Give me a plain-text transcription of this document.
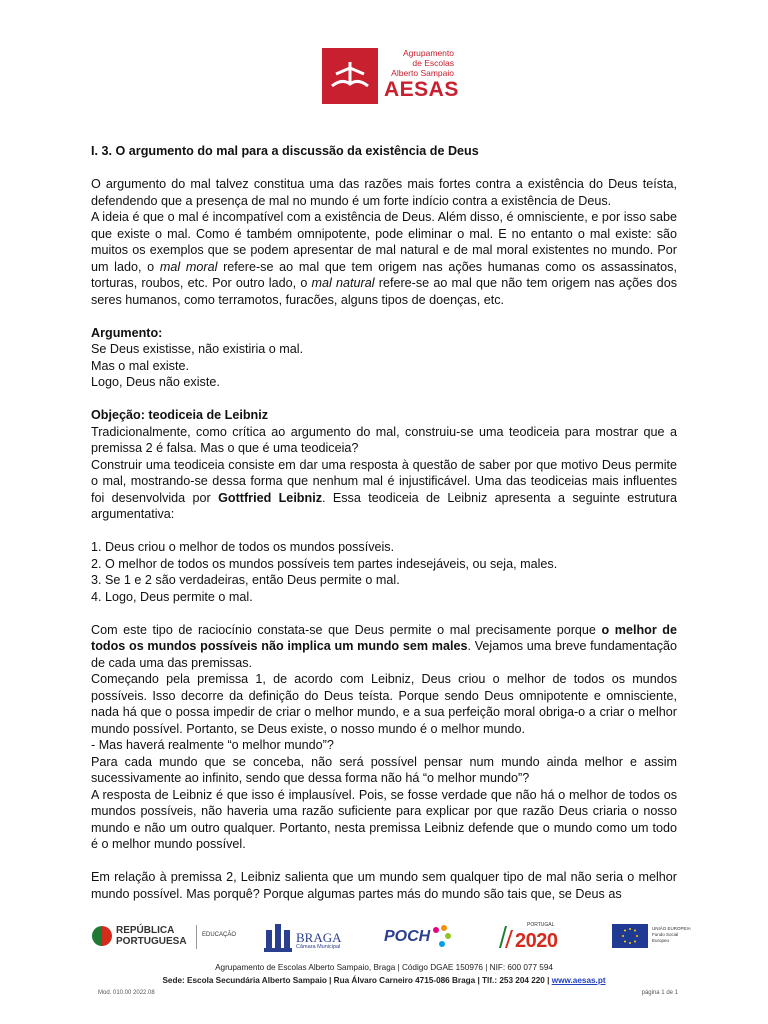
Agrupamento
de Escolas
Alberto Sampaio
AESAS

I. 3. O argumento do mal para a discussão da existência de Deus

O argumento do mal talvez constitua uma das razões mais fortes contra a existência do Deus teísta, defendendo que a presença de mal no mundo é um forte indício contra a existência de Deus.

A ideia é que o mal é incompatível com a existência de Deus. Além disso, é omnisciente, e por isso sabe que existe o mal. Como é também omnipotente, pode eliminar o mal. E no entanto o mal existe: são muitos os exemplos que se podem apresentar de mal natural e de mal moral existentes no mundo. Por um lado, o mal moral refere-se ao mal que tem origem nas ações humanas como os assassinatos, torturas, roubos, etc. Por outro lado, o mal natural refere-se ao mal que não tem origem nas ações dos seres humanos, como terramotos, furacões, alguns tipos de doenças, etc.

Argumento:

Se Deus existisse, não existiria o mal.

Mas o mal existe.

Logo, Deus não existe.

Objeção: teodiceia de Leibniz

Tradicionalmente, como crítica ao argumento do mal, construiu-se uma teodiceia para mostrar que a premissa 2 é falsa. Mas o que é uma teodiceia?

Construir uma teodiceia consiste em dar uma resposta à questão de saber por que motivo Deus permite o mal, mostrando-se dessa forma que nenhum mal é injustificável. Uma das teodiceias mais influentes foi desenvolvida por Gottfried Leibniz. Essa teodiceia de Leibniz apresenta a seguinte estrutura argumentativa:

1. Deus criou o melhor de todos os mundos possíveis.

2. O melhor de todos os mundos possíveis tem partes indesejáveis, ou seja, males.

3. Se 1 e 2 são verdadeiras, então Deus permite o mal.

4. Logo, Deus permite o mal.

Com este tipo de raciocínio constata-se que Deus permite o mal precisamente porque o melhor de todos os mundos possíveis não implica um mundo sem males. Vejamos uma breve fundamentação de cada uma das premissas.

Começando pela premissa 1, de acordo com Leibniz, Deus criou o melhor de todos os mundos possíveis. Isso decorre da definição do Deus teísta. Porque sendo Deus omnipotente e omnisciente, nada há que o possa impedir de criar o melhor mundo, e a sua perfeição moral obriga-o a criar o melhor mundo possível. Portanto, se Deus existe, o nosso mundo é o melhor mundo.

- Mas haverá realmente “o melhor mundo”?

Para cada mundo que se conceba, não será possível pensar num mundo ainda melhor e assim sucessivamente ao infinito, sendo que dessa forma não há “o melhor mundo”?

A resposta de Leibniz é que isso é implausível. Pois, se fosse verdade que não há o melhor de todos os mundos possíveis, não haveria uma razão suficiente para explicar por que razão Deus criaria o nosso mundo e não um outro qualquer. Portanto, nesta premissa Leibniz defende que o mundo como um todo é o melhor mundo possível.

Em relação à premissa 2, Leibniz salienta que um mundo sem qualquer tipo de mal não seria o melhor mundo possível. Mas porquê? Porque algumas partes más do mundo são tais que, se Deus as

REPÚBLICA
PORTUGUESA
EDUCAÇÃO	BRAGA
Câmara Municipal
POCH
PORTUGAL
2020
UNIÃO EUROPEIA
Fundo Social Europeu
Agrupamento de Escolas Alberto Sampaio, Braga | Código DGAE 150976 | NIF: 600 077 594
Sede: Escola Secundária Alberto Sampaio | Rua Álvaro Carneiro 4715-086 Braga | Tlf.: 253 204 220 | www.aesas.pt
Mod. 010.00 2022.08	página 1 de 1
